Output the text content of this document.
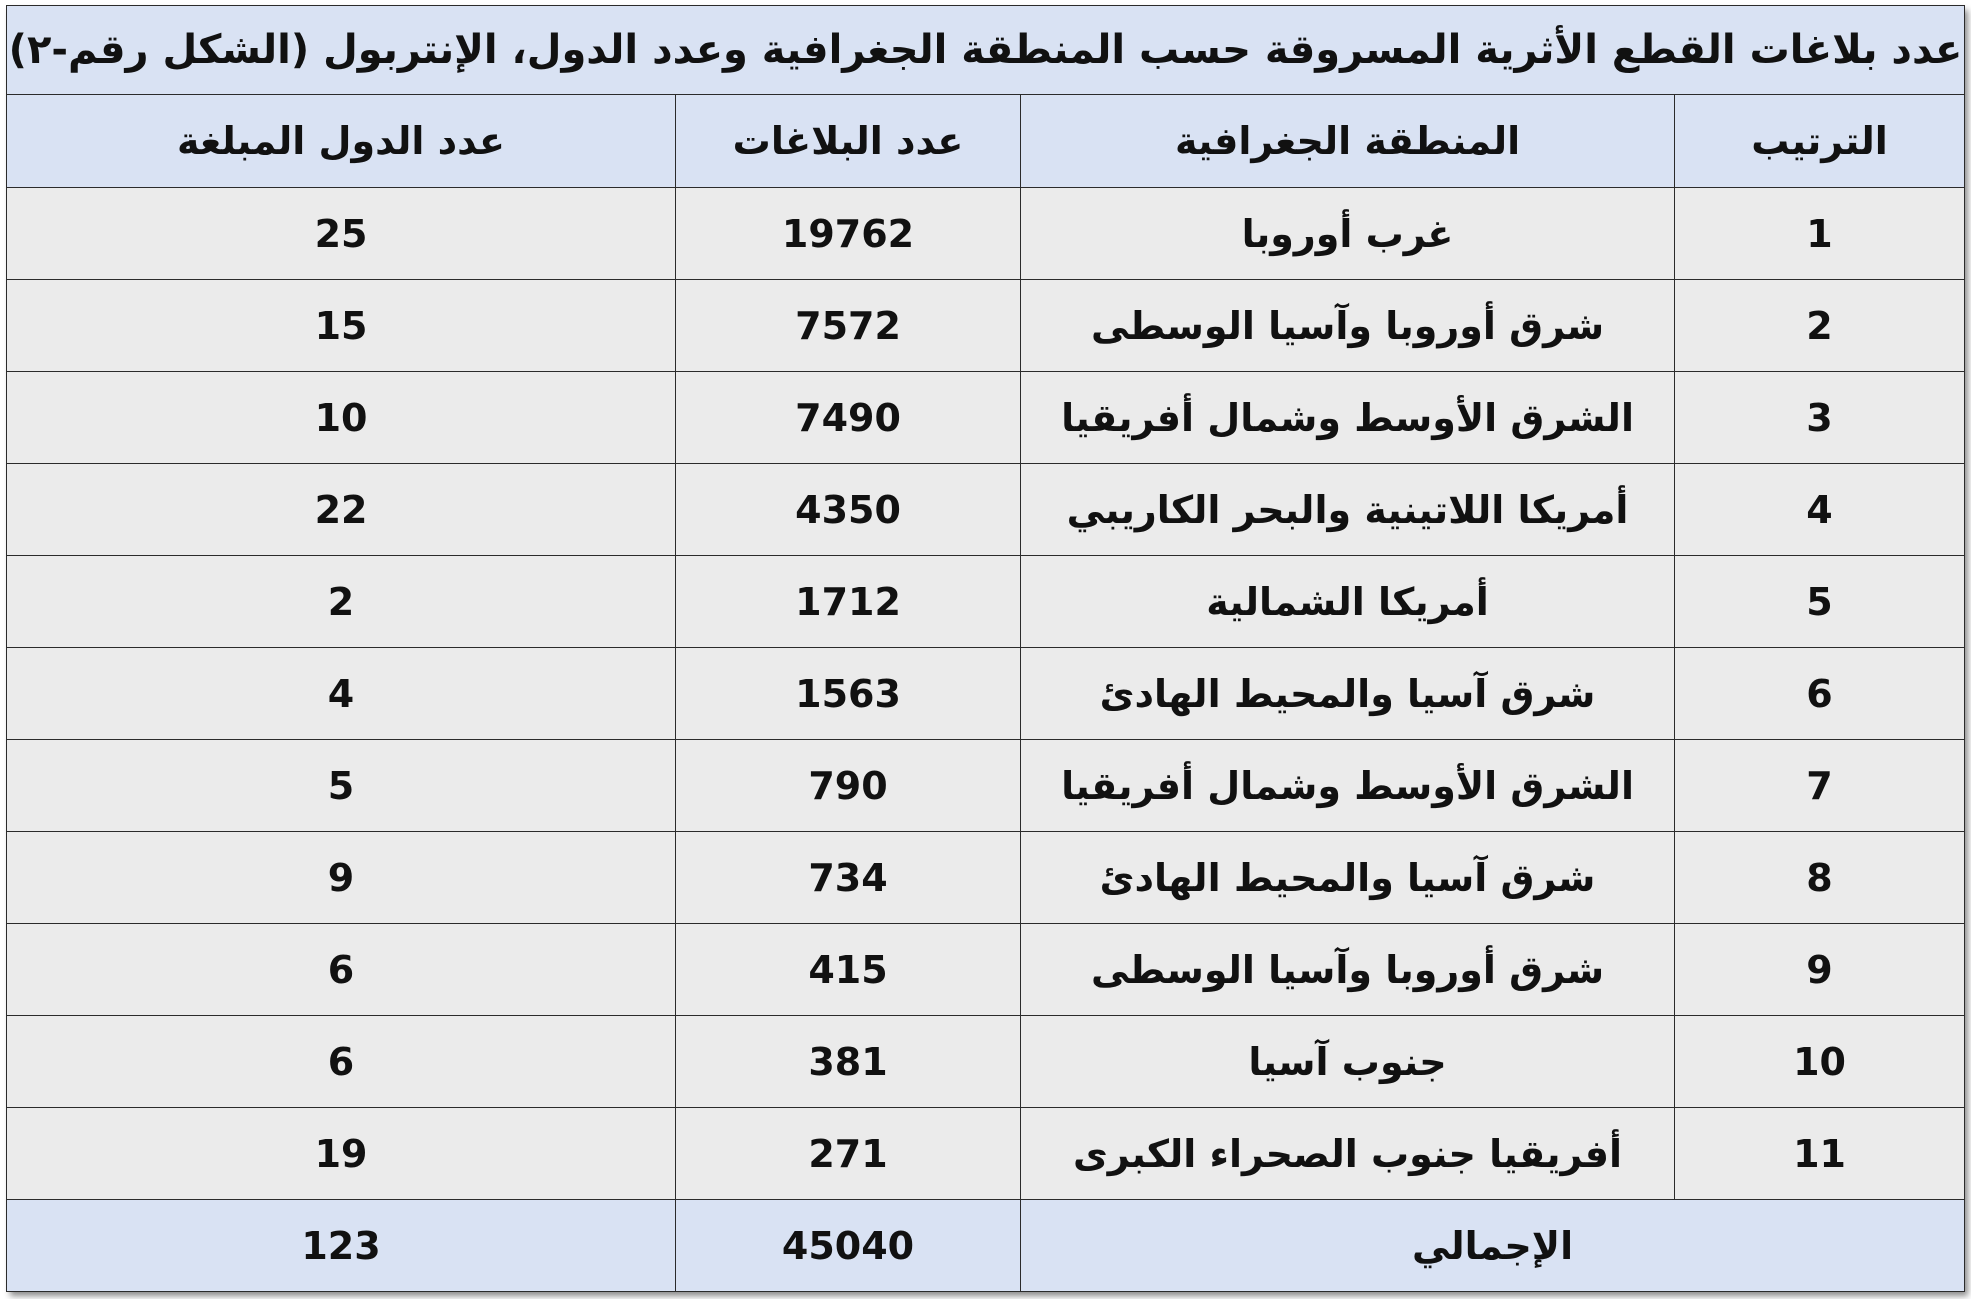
عدد بلاغات القطع الأثرية المسروقة حسب المنطقة الجغرافية وعدد الدول، الإنتربول (الشكل رقم-٢)			
الترتيب	المنطقة الجغرافية	عدد البلاغات	عدد الدول المبلغة
1	غرب أوروبا	19762	25
2	شرق أوروبا وآسيا الوسطى	7572	15
3	الشرق الأوسط وشمال أفريقيا	7490	10
4	أمريكا اللاتينية والبحر الكاريبي	4350	22
5	أمريكا الشمالية	1712	2
6	شرق آسيا والمحيط الهادئ	1563	4
7	الشرق الأوسط وشمال أفريقيا	790	5
8	شرق آسيا والمحيط الهادئ	734	9
9	شرق أوروبا وآسيا الوسطى	415	6
10	جنوب آسيا	381	6
11	أفريقيا جنوب الصحراء الكبرى	271	19
الإجمالي		45040	123
